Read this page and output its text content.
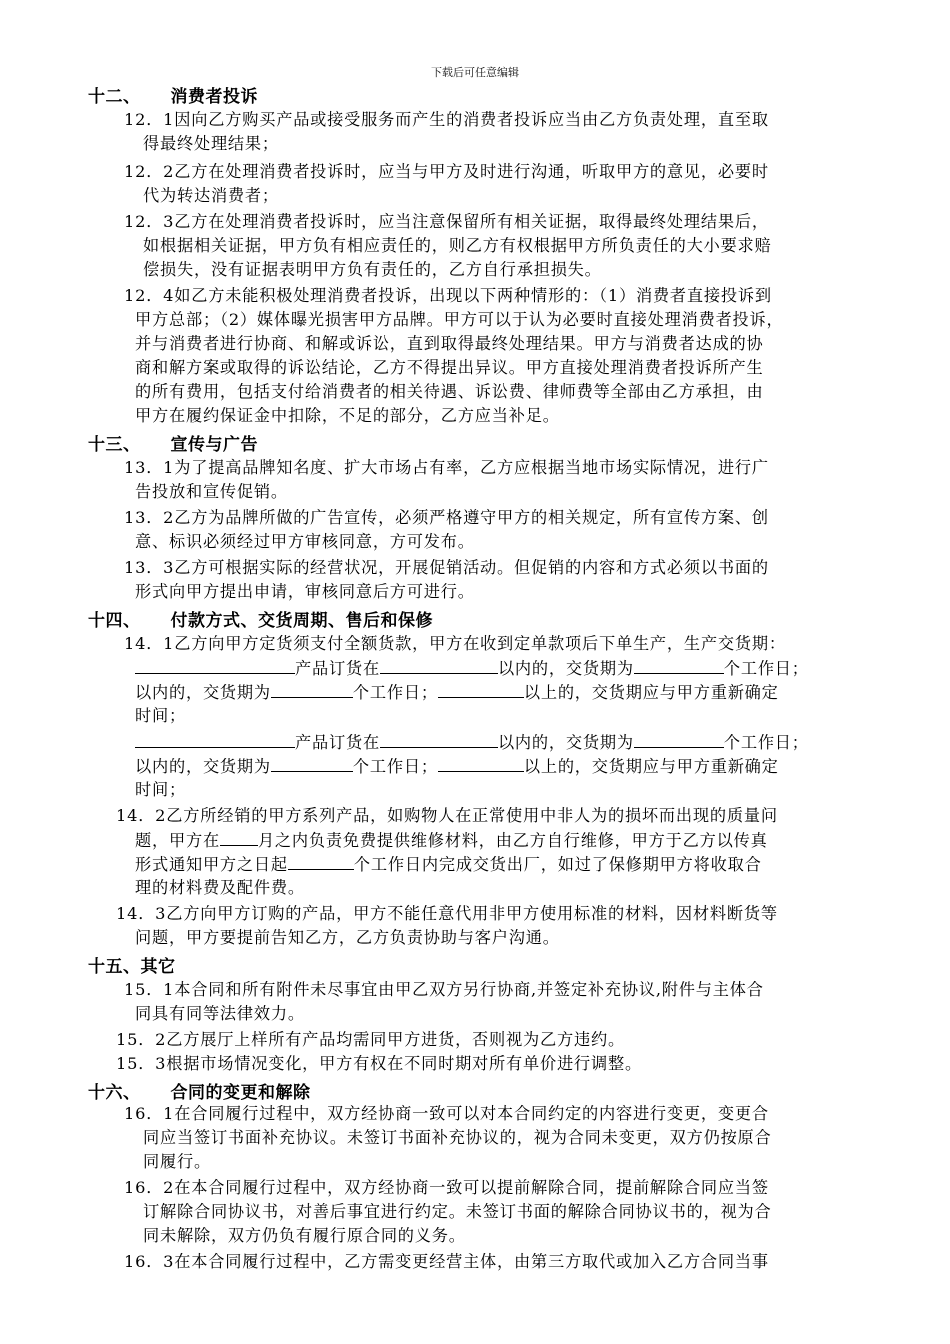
下载后可任意编辑
十二、 消费者投诉
12．1因向乙方购买产品或接受服务而产生的消费者投诉应当由乙方负责处理，直至取
得最终处理结果；
12．2乙方在处理消费者投诉时，应当与甲方及时进行沟通，听取甲方的意见，必要时
代为转达消费者；
12．3乙方在处理消费者投诉时，应当注意保留所有相关证据，取得最终处理结果后，
如根据相关证据，甲方负有相应责任的，则乙方有权根据甲方所负责任的大小要求赔
偿损失，没有证据表明甲方负有责任的，乙方自行承担损失。
12．4如乙方未能积极处理消费者投诉，出现以下两种情形的：（1）消费者直接投诉到
甲方总部；（2）媒体曝光损害甲方品牌。甲方可以于认为必要时直接处理消费者投诉，
并与消费者进行协商、和解或诉讼，直到取得最终处理结果。甲方与消费者达成的协
商和解方案或取得的诉讼结论，乙方不得提出异议。甲方直接处理消费者投诉所产生
的所有费用，包括支付给消费者的相关待遇、诉讼费、律师费等全部由乙方承担，由
甲方在履约保证金中扣除，不足的部分，乙方应当补足。
十三、 宣传与广告
13．1为了提高品牌知名度、扩大市场占有率，乙方应根据当地市场实际情况，进行广
告投放和宣传促销。
13．2乙方为品牌所做的广告宣传，必须严格遵守甲方的相关规定，所有宣传方案、创
意、标识必须经过甲方审核同意，方可发布。
13．3乙方可根据实际的经营状况，开展促销活动。但促销的内容和方式必须以书面的
形式向甲方提出申请，审核同意后方可进行。
十四、 付款方式、交货周期、售后和保修
14．1乙方向甲方定货须支付全额货款，甲方在收到定单款项后下单生产，生产交货期：
产品订货在	以内的，交货期为	个工作日；
以内的，交货期为	个工作日；	以上的，交货期应与甲方重新确定
时间；
产品订货在	以内的，交货期为	个工作日；
以内的，交货期为	个工作日；	以上的，交货期应与甲方重新确定
时间；
14．2乙方所经销的甲方系列产品，如购物人在正常使用中非人为的损坏而出现的质量问
题，甲方在 月之内负责免费提供维修材料，由乙方自行维修，甲方于乙方以传真
形式通知甲方之日起	个工作日内完成交货出厂，如过了保修期甲方将收取合
理的材料费及配件费。
14．3乙方向甲方订购的产品，甲方不能任意代用非甲方使用标准的材料，因材料断货等
问题，甲方要提前告知乙方，乙方负责协助与客户沟通。
十五、其它
15．1本合同和所有附件未尽事宜由甲乙双方另行协商,并签定补充协议,附件与主体合
同具有同等法律效力。
15．2乙方展厅上样所有产品均需同甲方进货，否则视为乙方违约。
15．3根据市场情况变化，甲方有权在不同时期对所有单价进行调整。
十六、 合同的变更和解除
16．1在合同履行过程中，双方经协商一致可以对本合同约定的内容进行变更，变更合
同应当签订书面补充协议。未签订书面补充协议的，视为合同未变更，双方仍按原合
同履行。
16．2在本合同履行过程中，双方经协商一致可以提前解除合同，提前解除合同应当签
订解除合同协议书，对善后事宜进行约定。未签订书面的解除合同协议书的，视为合
同未解除，双方仍负有履行原合同的义务。
16．3在本合同履行过程中，乙方需变更经营主体，由第三方取代或加入乙方合同当事
